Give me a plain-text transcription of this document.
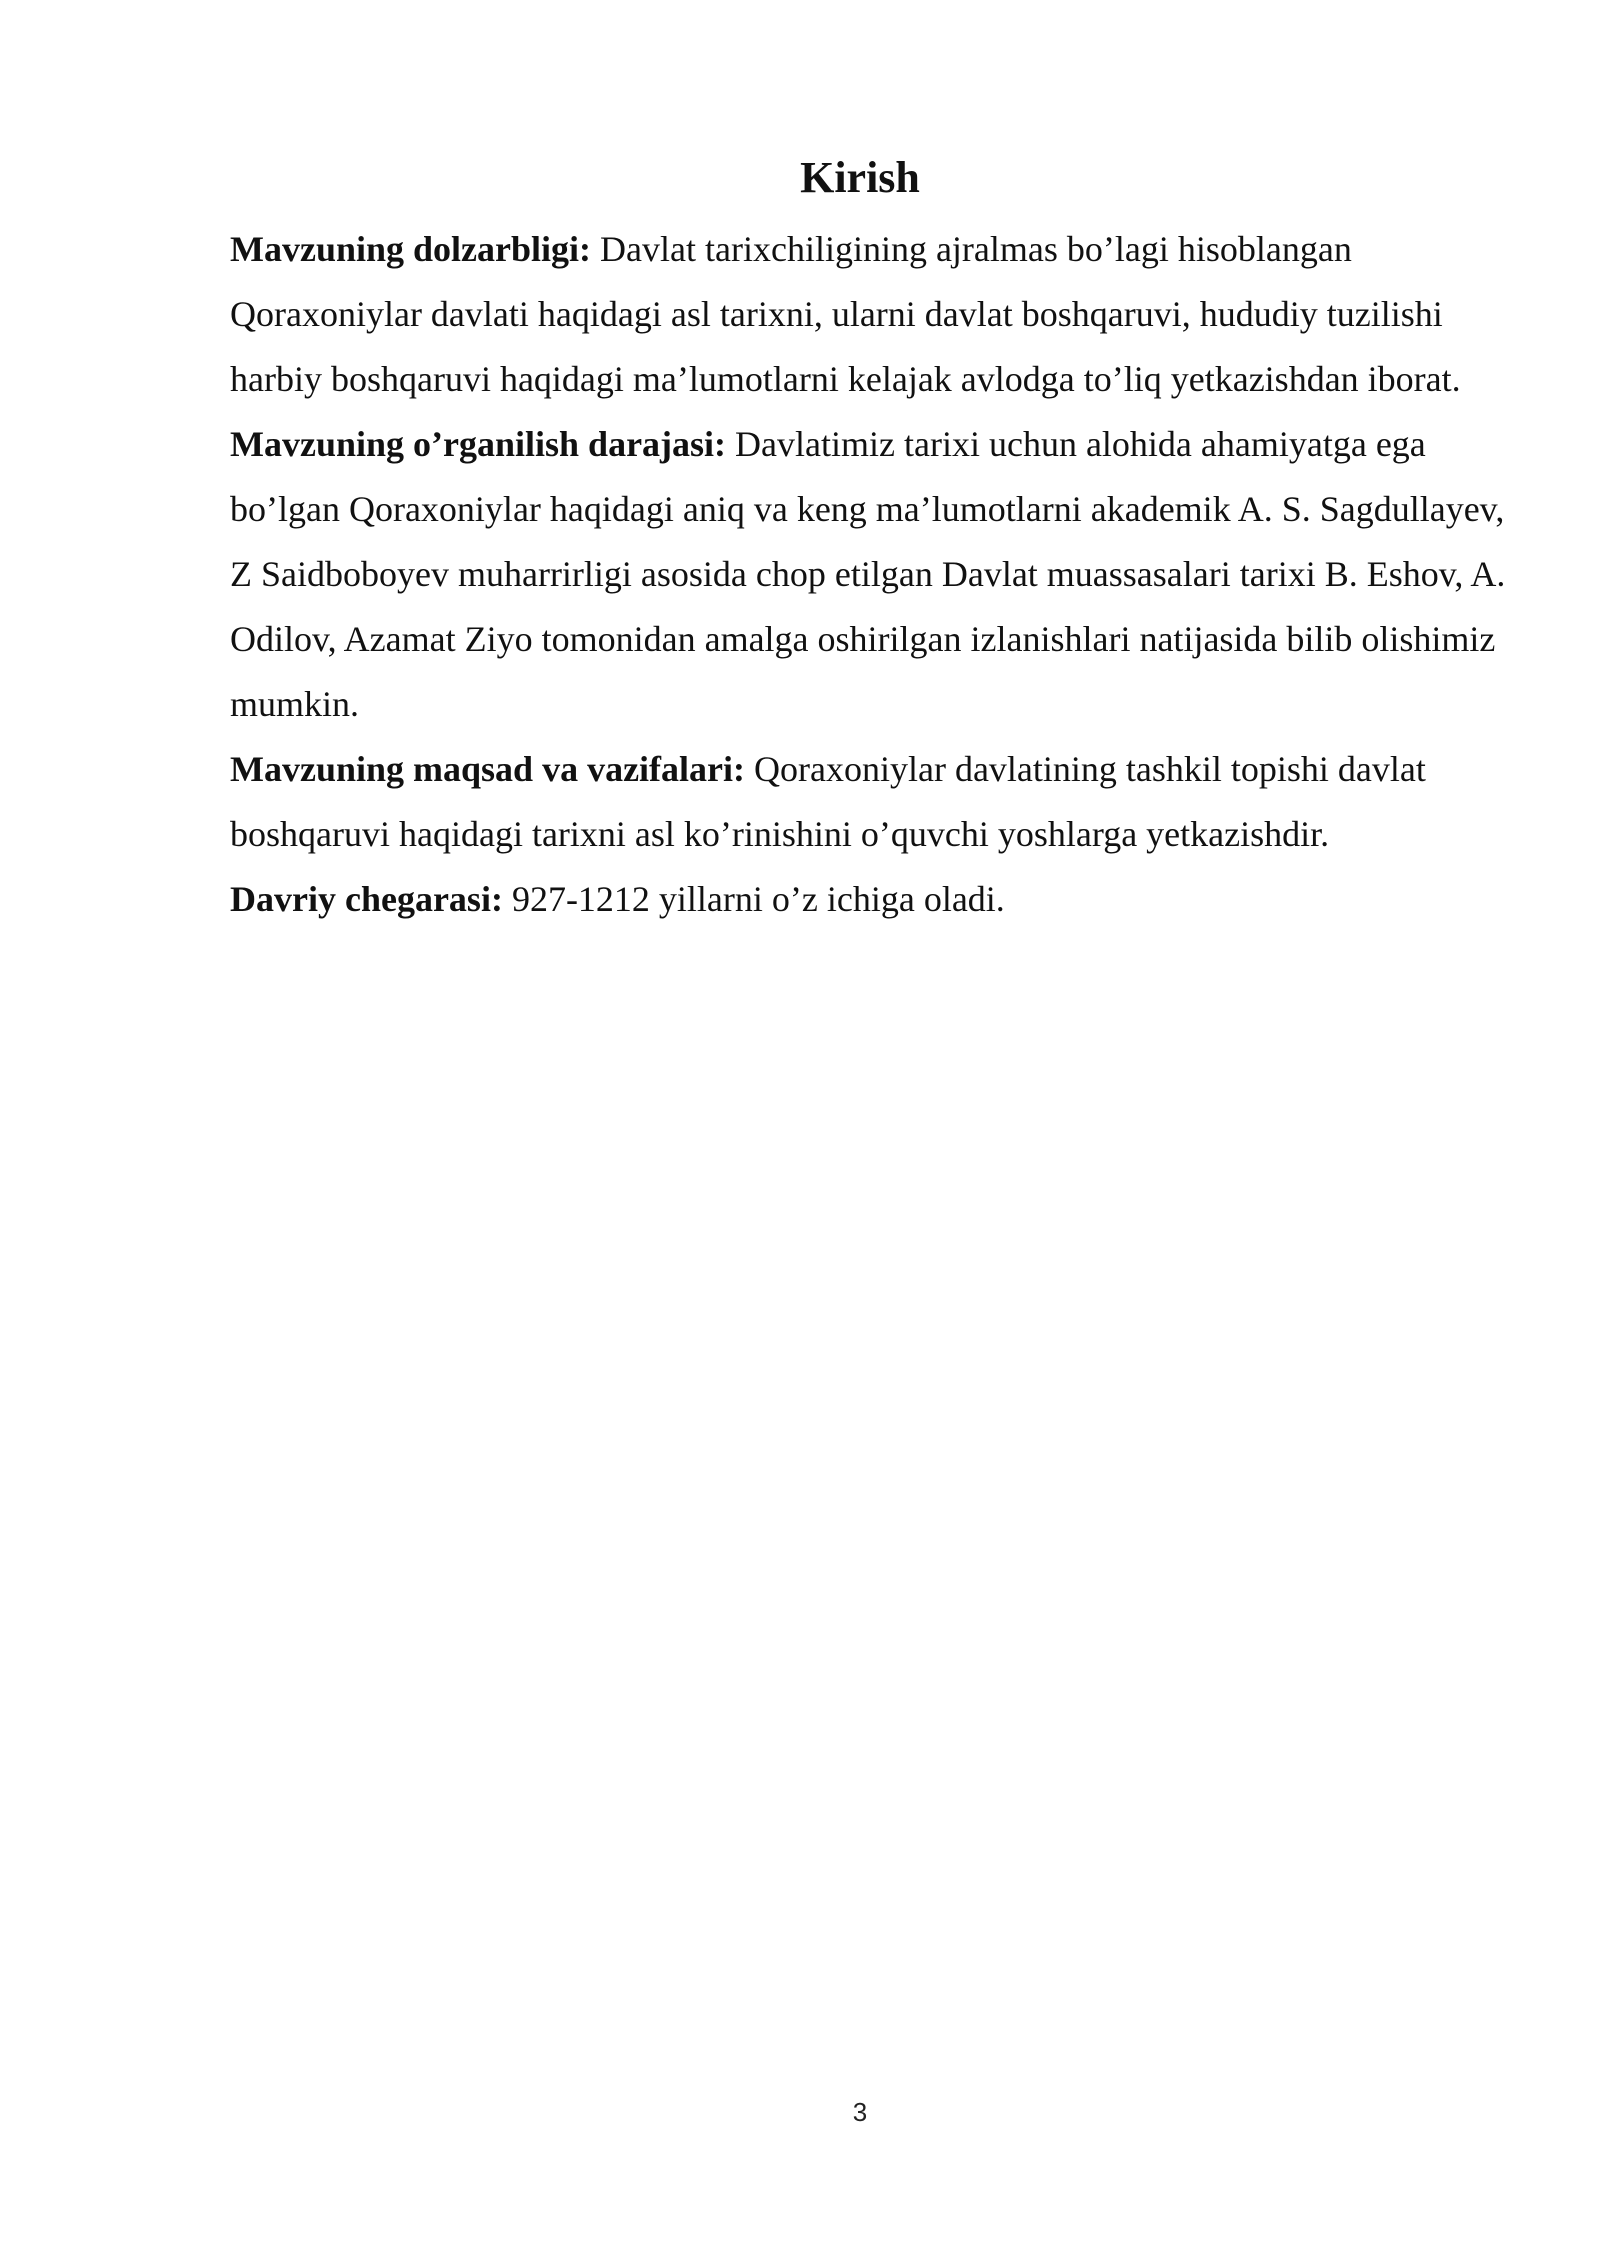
Kirish

Mavzuning dolzarbligi: Davlat tarixchiligining ajralmas bo’lagi hisoblangan Qoraxoniylar davlati haqidagi asl tarixni, ularni davlat boshqaruvi, hududiy tuzilishi harbiy boshqaruvi haqidagi ma’lumotlarni kelajak avlodga to’liq yetkazishdan iborat.

Mavzuning o’rganilish darajasi: Davlatimiz tarixi uchun alohida ahamiyatga ega bo’lgan Qoraxoniylar haqidagi aniq va keng ma’lumotlarni akademik A. S. Sagdullayev, Z Saidboboyev muharrirligi asosida chop etilgan Davlat muassasalari tarixi B. Eshov, A. Odilov, Azamat Ziyo tomonidan amalga oshirilgan izlanishlari natijasida bilib olishimiz mumkin.

Mavzuning maqsad va vazifalari: Qoraxoniylar davlatining tashkil topishi davlat boshqaruvi haqidagi tarixni asl ko’rinishini o’quvchi yoshlarga yetkazishdir.

Davriy chegarasi: 927-1212 yillarni o’z ichiga oladi.

3
